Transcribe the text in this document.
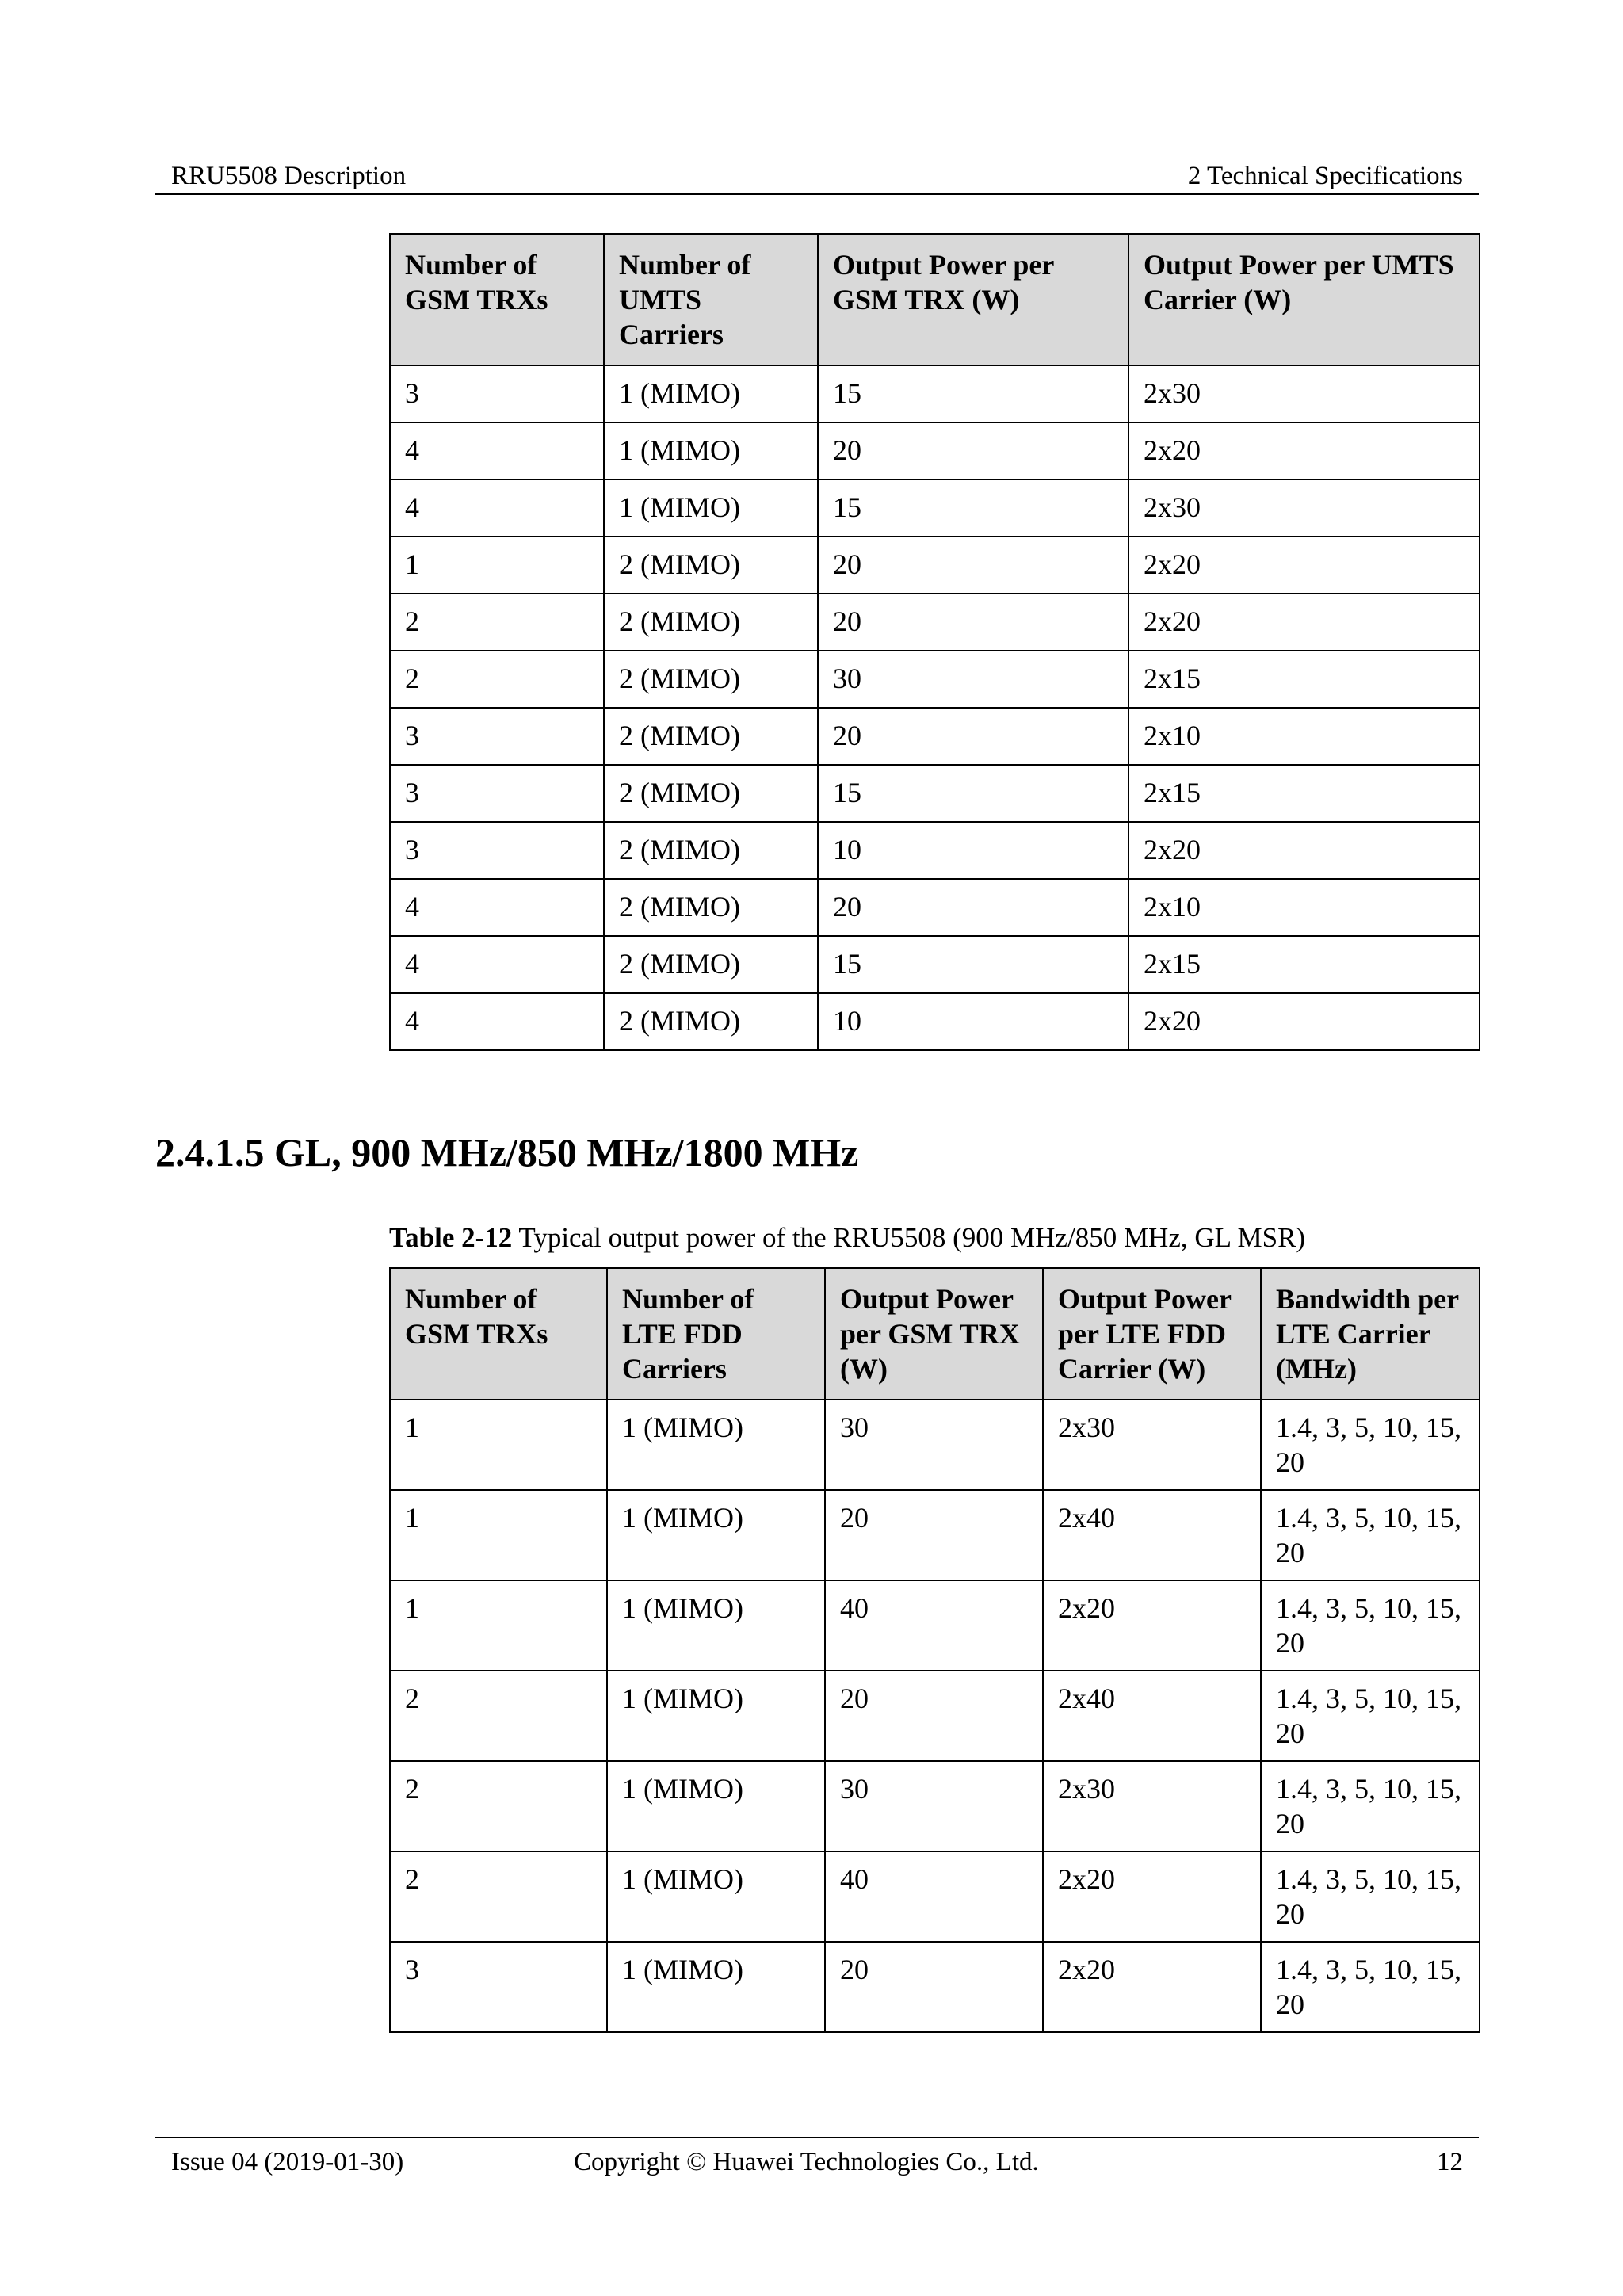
RRU5508 Description	2 Technical Specifications
Number of GSM TRXs	Number of UMTS Carriers	Output Power per GSM TRX (W)	Output Power per UMTS Carrier (W)
3	1 (MIMO)	15	2x30
4	1 (MIMO)	20	2x20
4	1 (MIMO)	15	2x30
1	2 (MIMO)	20	2x20
2	2 (MIMO)	20	2x20
2	2 (MIMO)	30	2x15
3	2 (MIMO)	20	2x10
3	2 (MIMO)	15	2x15
3	2 (MIMO)	10	2x20
4	2 (MIMO)	20	2x10
4	2 (MIMO)	15	2x15
4	2 (MIMO)	10	2x20
2.4.1.5 GL, 900 MHz/850 MHz/1800 MHz
Table 2-12 Typical output power of the RRU5508 (900 MHz/850 MHz, GL MSR)
Number of GSM TRXs	Number of LTE FDD Carriers	Output Power per GSM TRX (W)	Output Power per LTE FDD Carrier (W)	Bandwidth per LTE Carrier (MHz)
1	1 (MIMO)	30	2x30	1.4, 3, 5, 10, 15, 20
1	1 (MIMO)	20	2x40	1.4, 3, 5, 10, 15, 20
1	1 (MIMO)	40	2x20	1.4, 3, 5, 10, 15, 20
2	1 (MIMO)	20	2x40	1.4, 3, 5, 10, 15, 20
2	1 (MIMO)	30	2x30	1.4, 3, 5, 10, 15, 20
2	1 (MIMO)	40	2x20	1.4, 3, 5, 10, 15, 20
3	1 (MIMO)	20	2x20	1.4, 3, 5, 10, 15, 20
Issue 04 (2019-01-30)	Copyright © Huawei Technologies Co., Ltd.	12
